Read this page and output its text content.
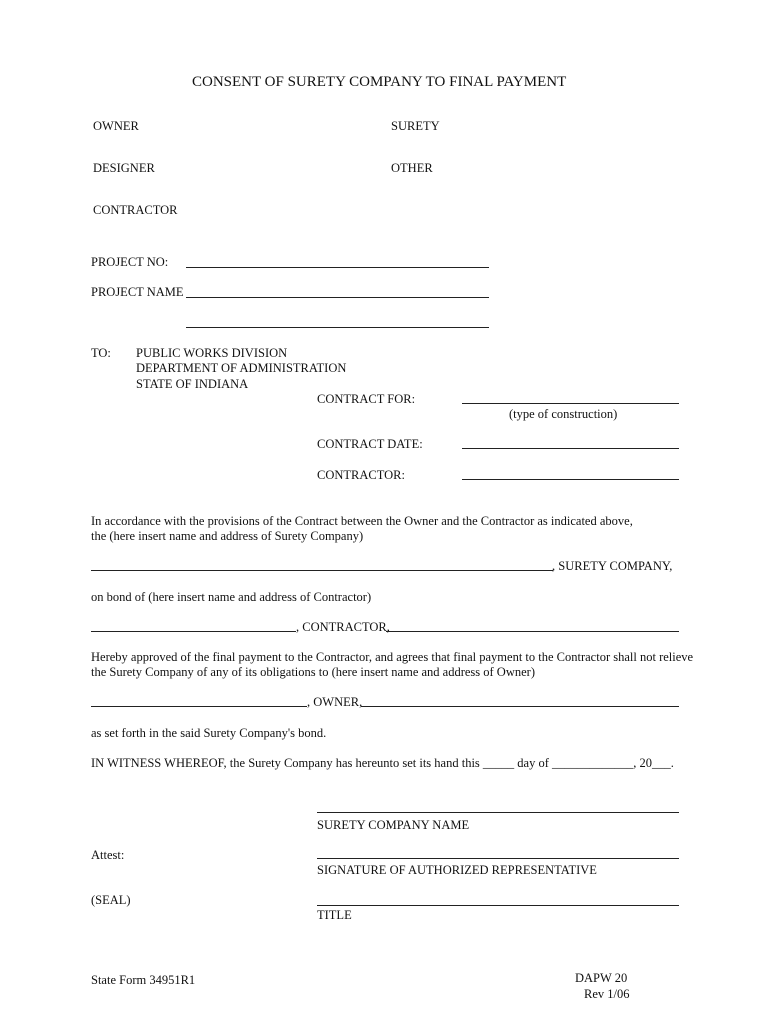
CONSENT OF SURETY COMPANY TO FINAL PAYMENT
OWNER	SURETY
DESIGNER	OTHER
CONTRACTOR
PROJECT NO:
PROJECT NAME
TO: PUBLIC WORKS DIVISION
DEPARTMENT OF ADMINISTRATION
STATE OF INDIANA
CONTRACT FOR:
(type of construction)
CONTRACT DATE:
CONTRACTOR:
In accordance with the provisions of the Contract between the Owner and the Contractor as indicated above,
the (here insert name and address of Surety Company)
, SURETY COMPANY,
on bond of (here insert name and address of Contractor)
, CONTRACTOR,
Hereby approved of the final payment to the Contractor, and agrees that final payment to the Contractor shall not relieve
the Surety Company of any of its obligations to (here insert name and address of Owner)
, OWNER,
as set forth in the said Surety Company's bond.
IN WITNESS WHEREOF, the Surety Company has hereunto set its hand this _____ day of _____________, 20___.
SURETY COMPANY NAME
Attest:
SIGNATURE OF AUTHORIZED REPRESENTATIVE
(SEAL)
TITLE
State Form 34951R1	DAPW 20
Rev 1/06
